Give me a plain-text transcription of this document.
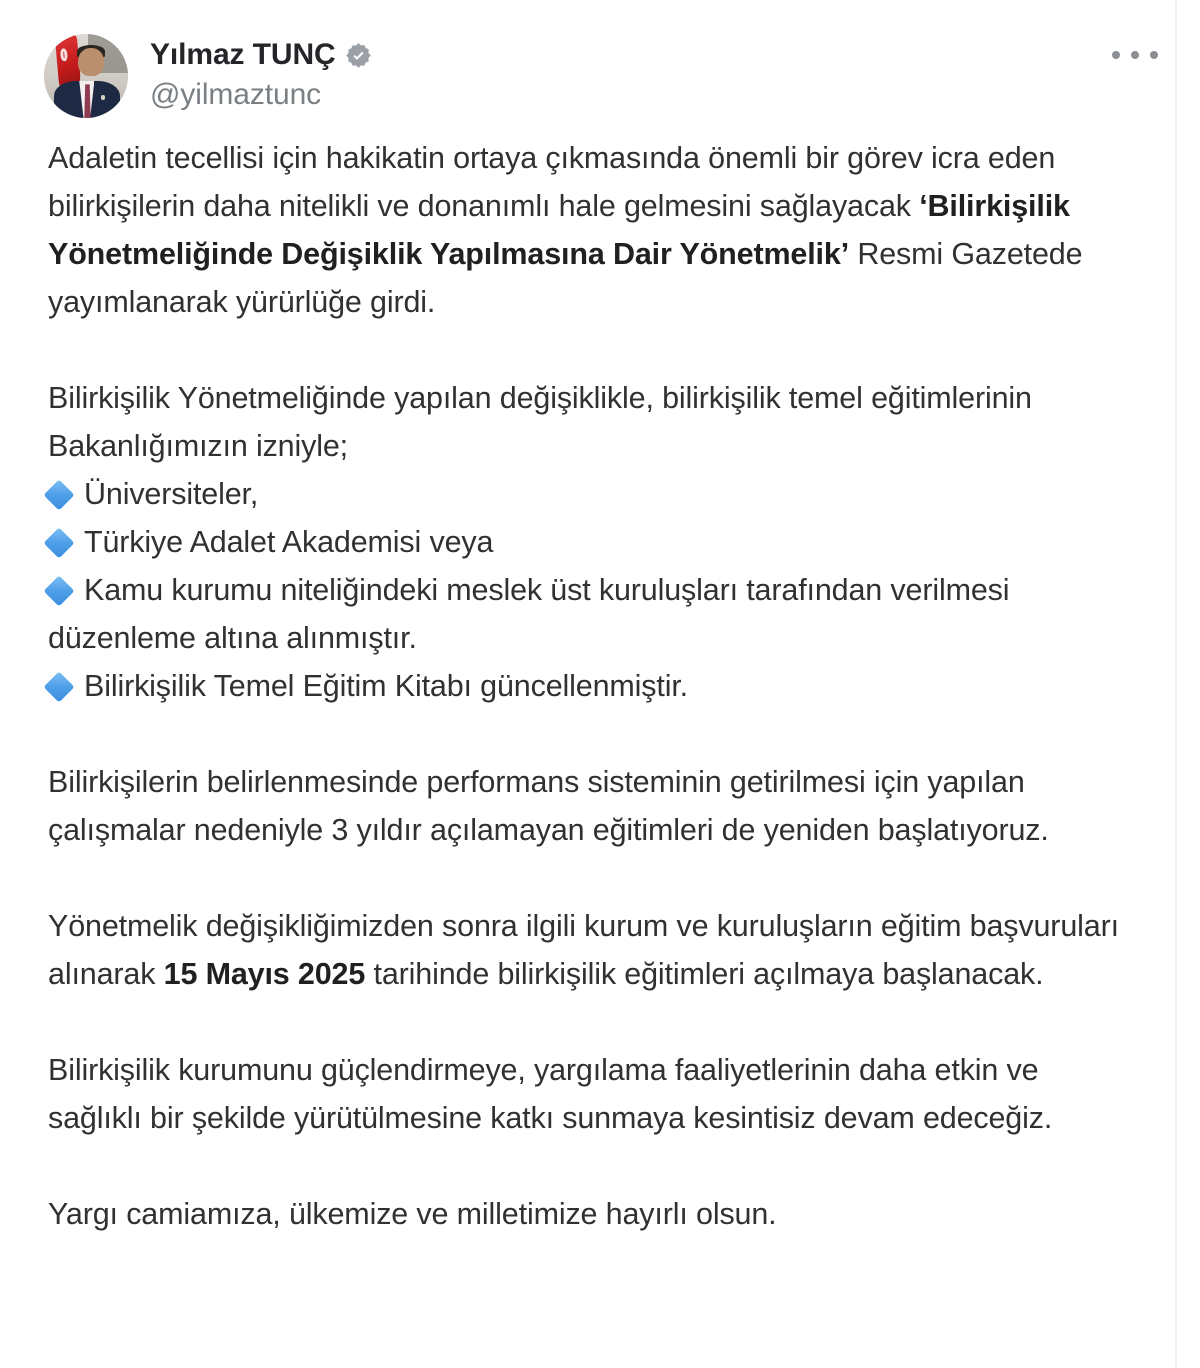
Yılmaz TUNÇ
@yilmaztunc
Adaletin tecellisi için hakikatin ortaya çıkmasında önemli bir görev icra eden bilirkişilerin daha nitelikli ve donanımlı hale gelmesini sağlayacak ‘Bilirkişilik Yönetmeliğinde Değişiklik Yapılmasına Dair Yönetmelik’ Resmi Gazetede yayımlanarak yürürlüğe girdi.
Bilirkişilik Yönetmeliğinde yapılan değişiklikle, bilirkişilik temel eğitimlerinin Bakanlığımızın izniyle;
Üniversiteler,
Türkiye Adalet Akademisi veya
Kamu kurumu niteliğindeki meslek üst kuruluşları tarafından verilmesi düzenleme altına alınmıştır.
Bilirkişilik Temel Eğitim Kitabı güncellenmiştir.
Bilirkişilerin belirlenmesinde performans sisteminin getirilmesi için yapılan çalışmalar nedeniyle 3 yıldır açılamayan eğitimleri de yeniden başlatıyoruz.
Yönetmelik değişikliğimizden sonra ilgili kurum ve kuruluşların eğitim başvuruları alınarak 15 Mayıs 2025 tarihinde bilirkişilik eğitimleri açılmaya başlanacak.
Bilirkişilik kurumunu güçlendirmeye, yargılama faaliyetlerinin daha etkin ve sağlıklı bir şekilde yürütülmesine katkı sunmaya kesintisiz devam edeceğiz.
Yargı camiamıza, ülkemize ve milletimize hayırlı olsun.
